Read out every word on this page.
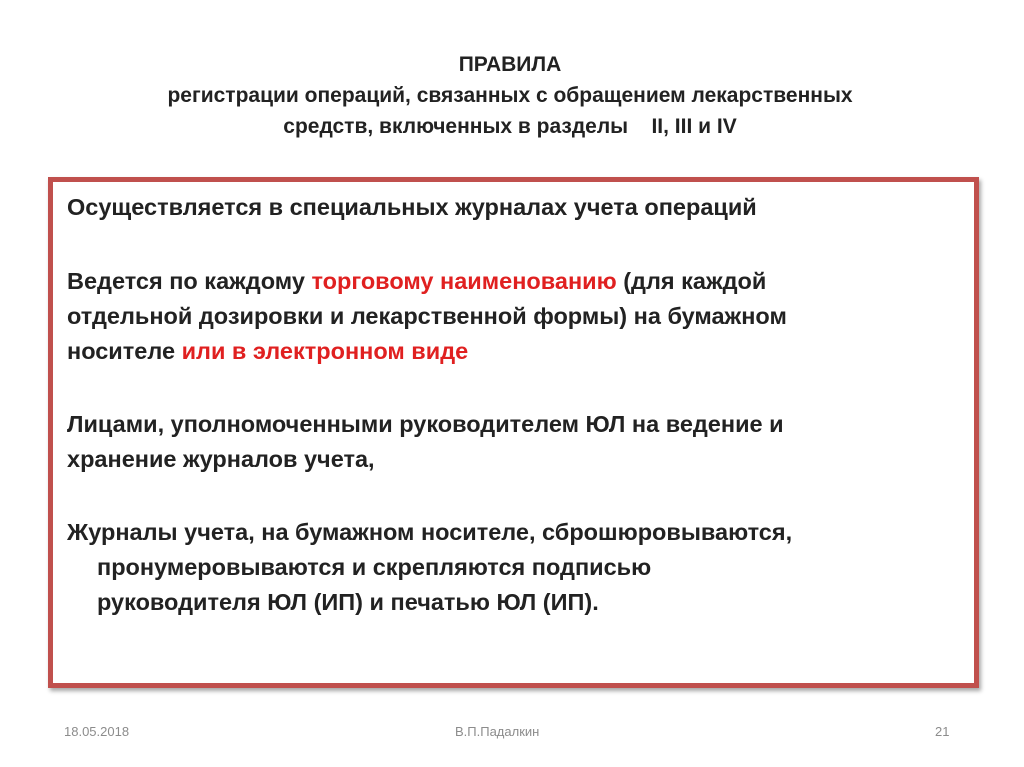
ПРАВИЛА
регистрации операций, связанных с обращением лекарственных
средств, включенных в разделы    II, III и IV
Осуществляется в специальных журналах учета операций
Ведется по каждому торговому наименованию (для каждой
отдельной дозировки и лекарственной формы) на бумажном
носителе или в электронном виде
Лицами, уполномоченными руководителем ЮЛ на ведение и
хранение журналов учета,
Журналы учета, на бумажном носителе, сброшюровываются,
пронумеровываются и скрепляются подписью
руководителя ЮЛ (ИП) и печатью ЮЛ (ИП).
18.05.2018	В.П.Падалкин	21
